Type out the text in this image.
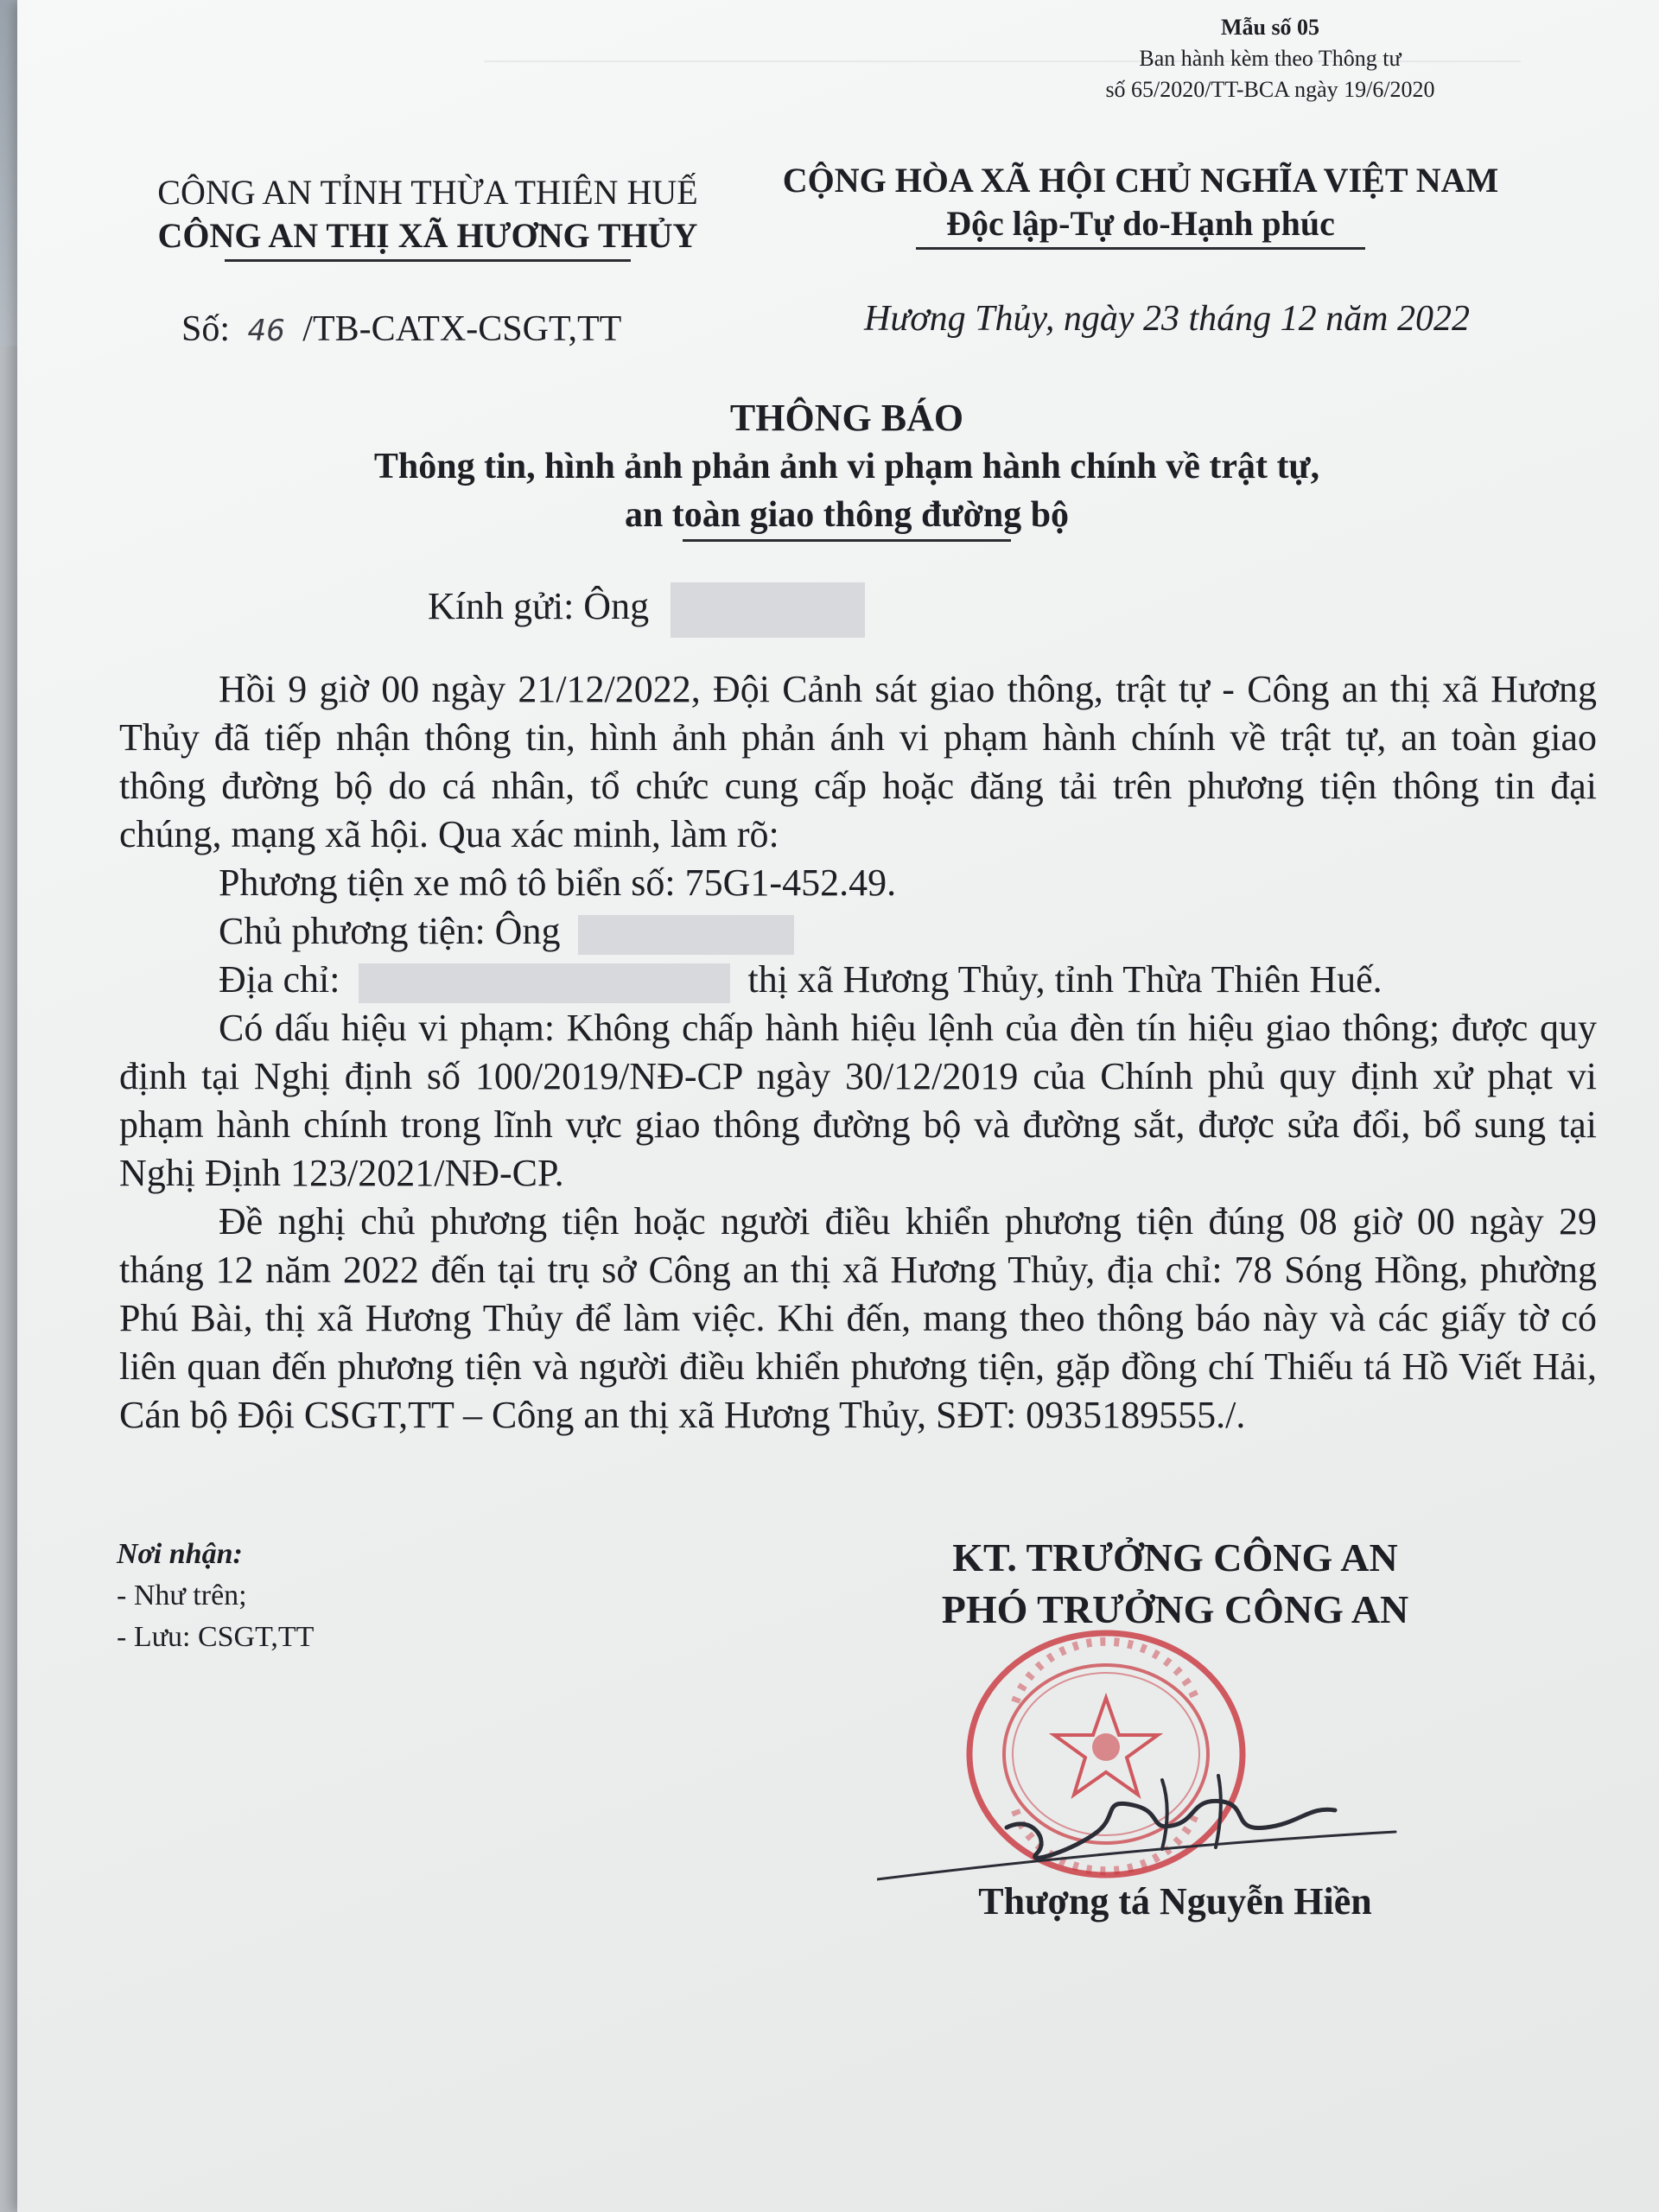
Mẫu số 05
Ban hành kèm theo Thông tư
số 65/2020/TT-BCA ngày 19/6/2020
CÔNG AN TỈNH THỪA THIÊN HUẾ
CÔNG AN THỊ XÃ HƯƠNG THỦY
CỘNG HÒA XÃ HỘI CHỦ NGHĨA VIỆT NAM
Độc lập-Tự do-Hạnh phúc
Số: 46 /TB-CATX-CSGT,TT	Hương Thủy, ngày 23 tháng 12 năm 2022
THÔNG BÁO
Thông tin, hình ảnh phản ảnh vi phạm hành chính về trật tự,
an toàn giao thông đường bộ
Kính gửi: Ông

Hồi 9 giờ 00 ngày 21/12/2022, Đội Cảnh sát giao thông, trật tự - Công an thị xã Hương Thủy đã tiếp nhận thông tin, hình ảnh phản ánh vi phạm hành chính về trật tự, an toàn giao thông đường bộ do cá nhân, tổ chức cung cấp hoặc đăng tải trên phương tiện thông tin đại chúng, mạng xã hội. Qua xác minh, làm rõ:

Phương tiện xe mô tô biển số: 75G1-452.49.

Chủ phương tiện: Ông

Địa chỉ:	thị xã Hương Thủy, tỉnh Thừa Thiên Huế.

Có dấu hiệu vi phạm: Không chấp hành hiệu lệnh của đèn tín hiệu giao thông; được quy định tại Nghị định số 100/2019/NĐ-CP ngày 30/12/2019 của Chính phủ quy định xử phạt vi phạm hành chính trong lĩnh vực giao thông đường bộ và đường sắt, được sửa đổi, bổ sung tại Nghị Định 123/2021/NĐ-CP.

Đề nghị chủ phương tiện hoặc người điều khiển phương tiện đúng 08 giờ 00 ngày 29 tháng 12 năm 2022 đến tại trụ sở Công an thị xã Hương Thủy, địa chỉ: 78 Sóng Hồng, phường Phú Bài, thị xã Hương Thủy để làm việc. Khi đến, mang theo thông báo này và các giấy tờ có liên quan đến phương tiện và người điều khiển phương tiện, gặp đồng chí Thiếu tá Hồ Viết Hải, Cán bộ Đội CSGT,TT – Công an thị xã Hương Thủy, SĐT: 0935189555./.

Nơi nhận:
- Như trên;
- Lưu: CSGT,TT
KT. TRƯỞNG CÔNG AN
PHÓ TRƯỞNG CÔNG AN
Thượng tá Nguyễn Hiền
